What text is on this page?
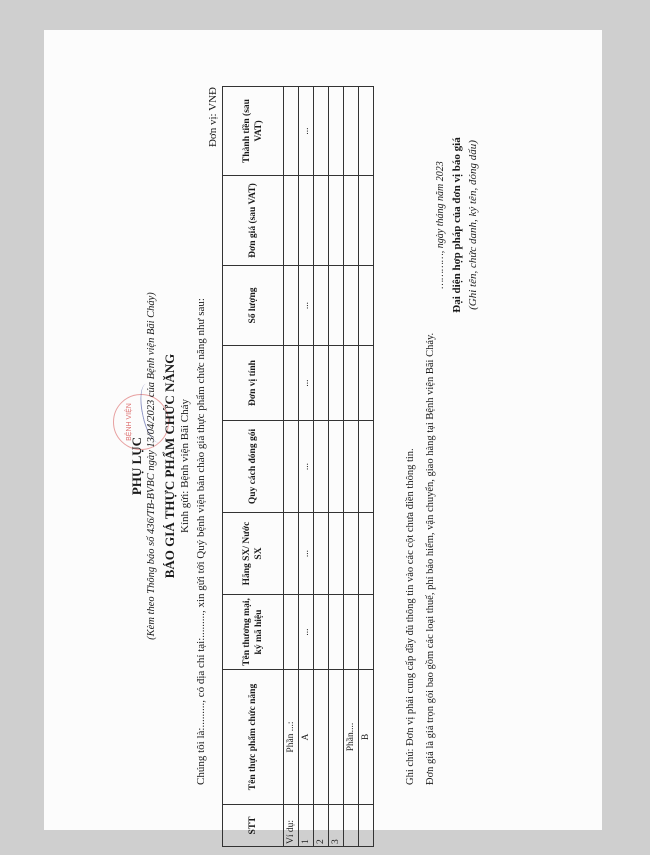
BỆNH VIỆN
PHỤ LỤC (Kèm theo Thông báo số 436/TB-BVBC ngày 13/04/2023 của Bệnh viện Bãi Cháy) BÁO GIÁ THỰC PHẨM CHỨC NĂNG Kính gửi: Bệnh viện Bãi Cháy Chúng tôi là:........., có địa chỉ tại:........., xin gửi tới Quý bệnh viện bản chào giá thực phẩm chức năng như sau:
Đơn vị: VNĐ
STT	Tên thực phẩm chức năng	Tên thương mại, ký mã hiệu	Hãng SX/ Nước SX	Quy cách đóng gói	Đơn vị tính	Số lượng	Đơn giá (sau VAT)	Thành tiền (sau VAT)
Ví dụ:	Phần ...:							
1	A	...	...	...	...	...		...
2								
3								
	Phần....							
	B								Ghi chú: Đơn vị phải cung cấp đầy đủ thông tin vào các cột chưa điền thông tin. Đơn giá là giá trọn gói bao gồm các loại thuế, phí bảo hiểm, vận chuyển, giao hàng tại Bệnh viện Bãi Cháy.
…………, ngày tháng năm 2023 Đại diện hợp pháp của đơn vị báo giá (Ghi tên, chức danh, ký tên, đóng dấu)
